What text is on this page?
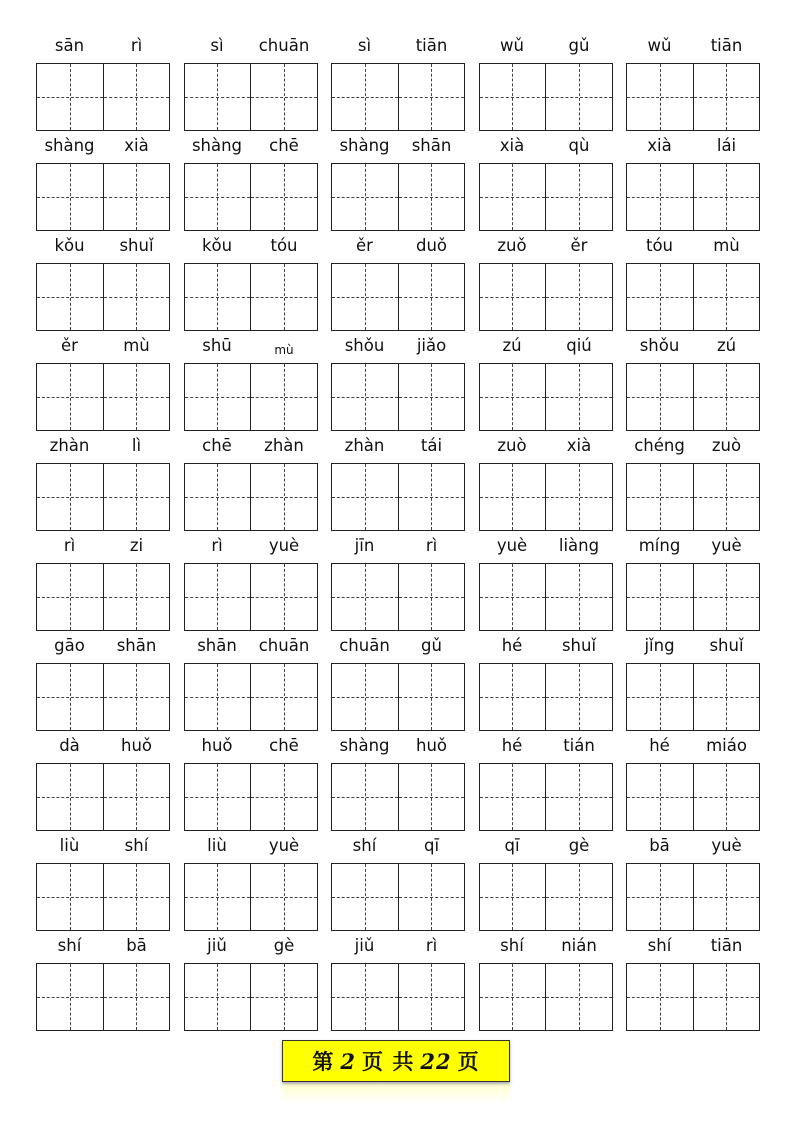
sān	rì	sì	chuān	sì	tiān	wǔ	gǔ	wǔ	tiān
shàng	xià	shàng	chē	shàng	shān	xià	qù	xià	lái
kǒu	shuǐ	kǒu	tóu	ěr	duǒ	zuǒ	ěr	tóu	mù
ěr	mù	shū	mù	shǒu	jiǎo	zú	qiú	shǒu	zú
zhàn	lì	chē	zhàn	zhàn	tái	zuò	xià	chéng	zuò
rì	zi	rì	yuè	jīn	rì	yuè	liàng	míng	yuè
gāo	shān	shān	chuān	chuān	gǔ	hé	shuǐ	jǐng	shuǐ
dà	huǒ	huǒ	chē	shàng	huǒ	hé	tián	hé	miáo
liù	shí	liù	yuè	shí	qī	qī	gè	bā	yuè
shí	bā	jiǔ	gè	jiǔ	rì	shí	nián	shí	tiān
第 2 页 共 22 页
